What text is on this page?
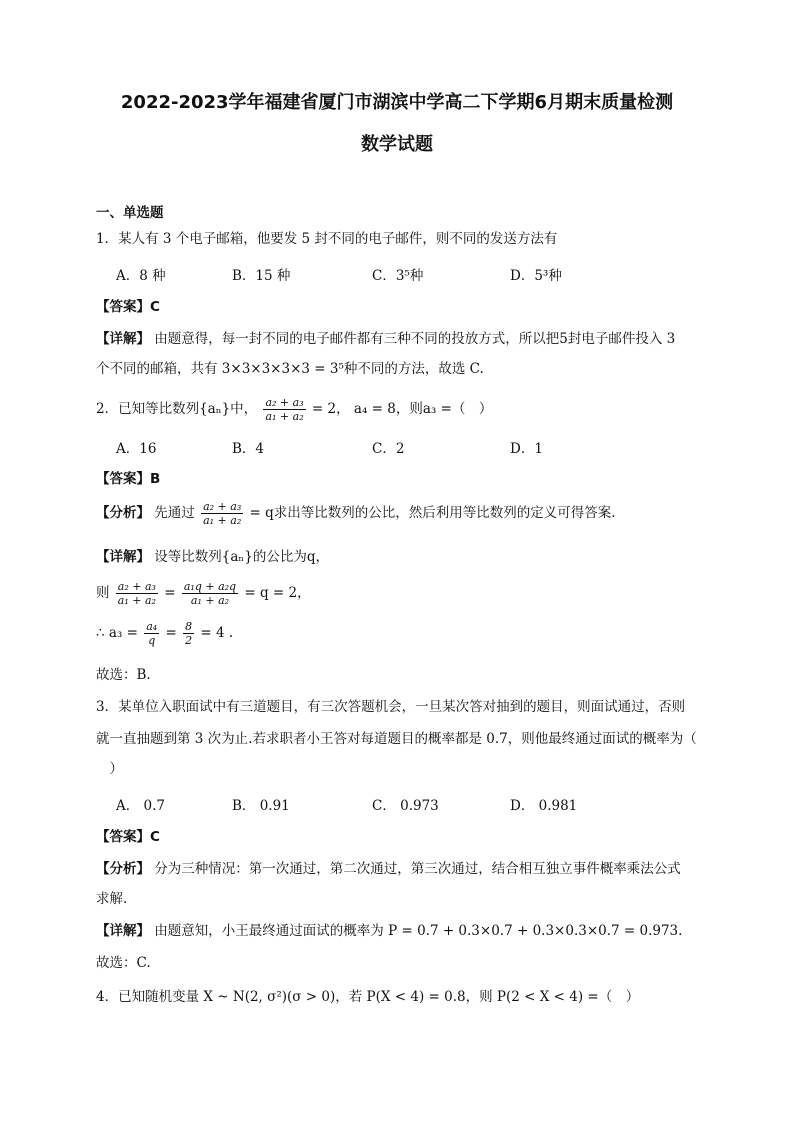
2022-2023学年福建省厦门市湖滨中学高二下学期6月期末质量检测
数学试题
一、单选题
1．某人有 3 个电子邮箱，他要发 5 封不同的电子邮件，则不同的发送方法有
A．8 种	B．15 种	C．3⁵种	D．5³种
【答案】C
【详解】 由题意得，每一封不同的电子邮件都有三种不同的投放方式，所以把5封电子邮件投入 3
个不同的邮箱，共有 3×3×3×3×3 = 3⁵种不同的方法，故选 C.
2．已知等比数列{aₙ}中， $\frac{\text{a₂ + a₃}}{\text{a₁ + a₂}} = 2$， a₄ = 8，则a₃ =（　）
A．16	B．4	C．2	D．1
【答案】B
【分析】 先通过 $\frac{\text{a₂ + a₃}}{\text{a₁ + a₂}} = q$求出等比数列的公比，然后利用等比数列的定义可得答案.
【详解】 设等比数列{aₙ}的公比为q，
则 $\frac{\text{a₂ + a₃}}{\text{a₁ + a₂}} = \frac{\text{a₁q + a₂q}}{\text{a₁ + a₂}} = q = 2$，
∴ $a_3 = \frac{\text{a₄}}{q} = \frac{8}{2} = 4$ .
故选：B.
3．某单位入职面试中有三道题目，有三次答题机会，一旦某次答对抽到的题目，则面试通过，否则
就一直抽题到第 3 次为止.若求职者小王答对每道题目的概率都是 0.7，则他最终通过面试的概率为（
　）
A． 0.7	B． 0.91	C． 0.973	D． 0.981
【答案】C
【分析】 分为三种情况：第一次通过，第二次通过，第三次通过，结合相互独立事件概率乘法公式
求解.
【详解】 由题意知，小王最终通过面试的概率为 P = 0.7 + 0.3×0.7 + 0.3×0.3×0.7 = 0.973.
故选：C.
4．已知随机变量 X ~ N(2, σ²)(σ > 0)，若 P(X < 4) = 0.8，则 P(2 < X < 4) =（　）
